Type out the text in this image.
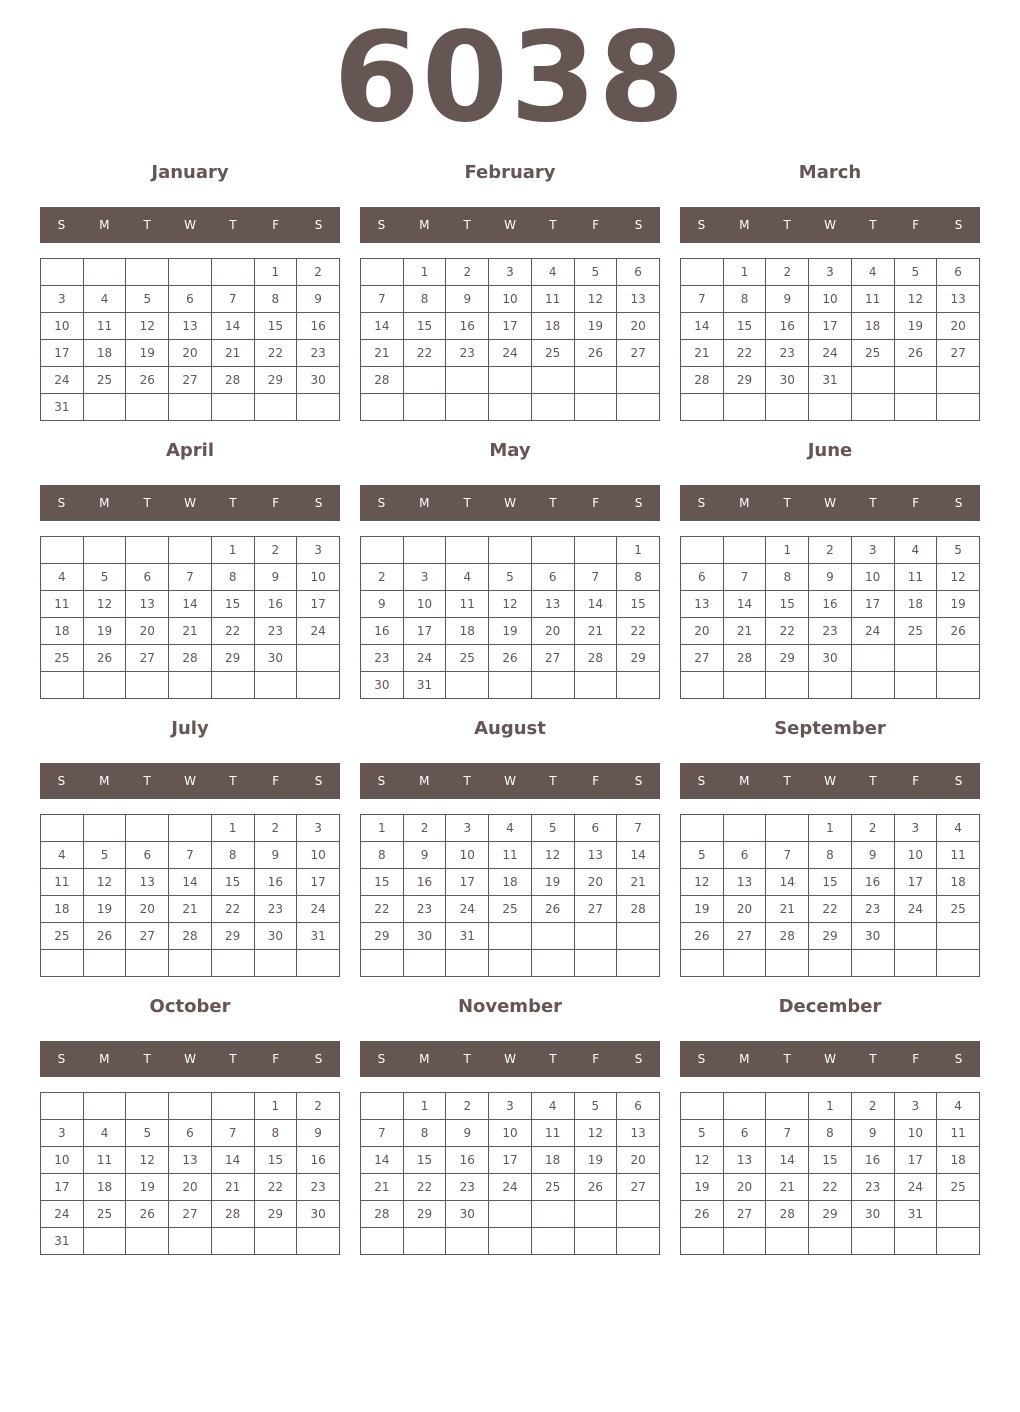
6038
January
S	M	T	W	T	F	S
					1	2
3	4	5	6	7	8	9
10	11	12	13	14	15	16
17	18	19	20	21	22	23
24	25	26	27	28	29	30
31						
February
S	M	T	W	T	F	S
	1	2	3	4	5	6
7	8	9	10	11	12	13
14	15	16	17	18	19	20
21	22	23	24	25	26	27
28						

March
S	M	T	W	T	F	S
	1	2	3	4	5	6
7	8	9	10	11	12	13
14	15	16	17	18	19	20
21	22	23	24	25	26	27
28	29	30	31			

April
S	M	T	W	T	F	S
				1	2	3
4	5	6	7	8	9	10
11	12	13	14	15	16	17
18	19	20	21	22	23	24
25	26	27	28	29	30	

May
S	M	T	W	T	F	S
						1
2	3	4	5	6	7	8
9	10	11	12	13	14	15
16	17	18	19	20	21	22
23	24	25	26	27	28	29
30	31					
June
S	M	T	W	T	F	S
		1	2	3	4	5
6	7	8	9	10	11	12
13	14	15	16	17	18	19
20	21	22	23	24	25	26
27	28	29	30			

July
S	M	T	W	T	F	S
				1	2	3
4	5	6	7	8	9	10
11	12	13	14	15	16	17
18	19	20	21	22	23	24
25	26	27	28	29	30	31

August
S	M	T	W	T	F	S
1	2	3	4	5	6	7
8	9	10	11	12	13	14
15	16	17	18	19	20	21
22	23	24	25	26	27	28
29	30	31				

September
S	M	T	W	T	F	S
			1	2	3	4
5	6	7	8	9	10	11
12	13	14	15	16	17	18
19	20	21	22	23	24	25
26	27	28	29	30		

October
S	M	T	W	T	F	S
					1	2
3	4	5	6	7	8	9
10	11	12	13	14	15	16
17	18	19	20	21	22	23
24	25	26	27	28	29	30
31						
November
S	M	T	W	T	F	S
	1	2	3	4	5	6
7	8	9	10	11	12	13
14	15	16	17	18	19	20
21	22	23	24	25	26	27
28	29	30				

December
S	M	T	W	T	F	S
			1	2	3	4
5	6	7	8	9	10	11
12	13	14	15	16	17	18
19	20	21	22	23	24	25
26	27	28	29	30	31	
